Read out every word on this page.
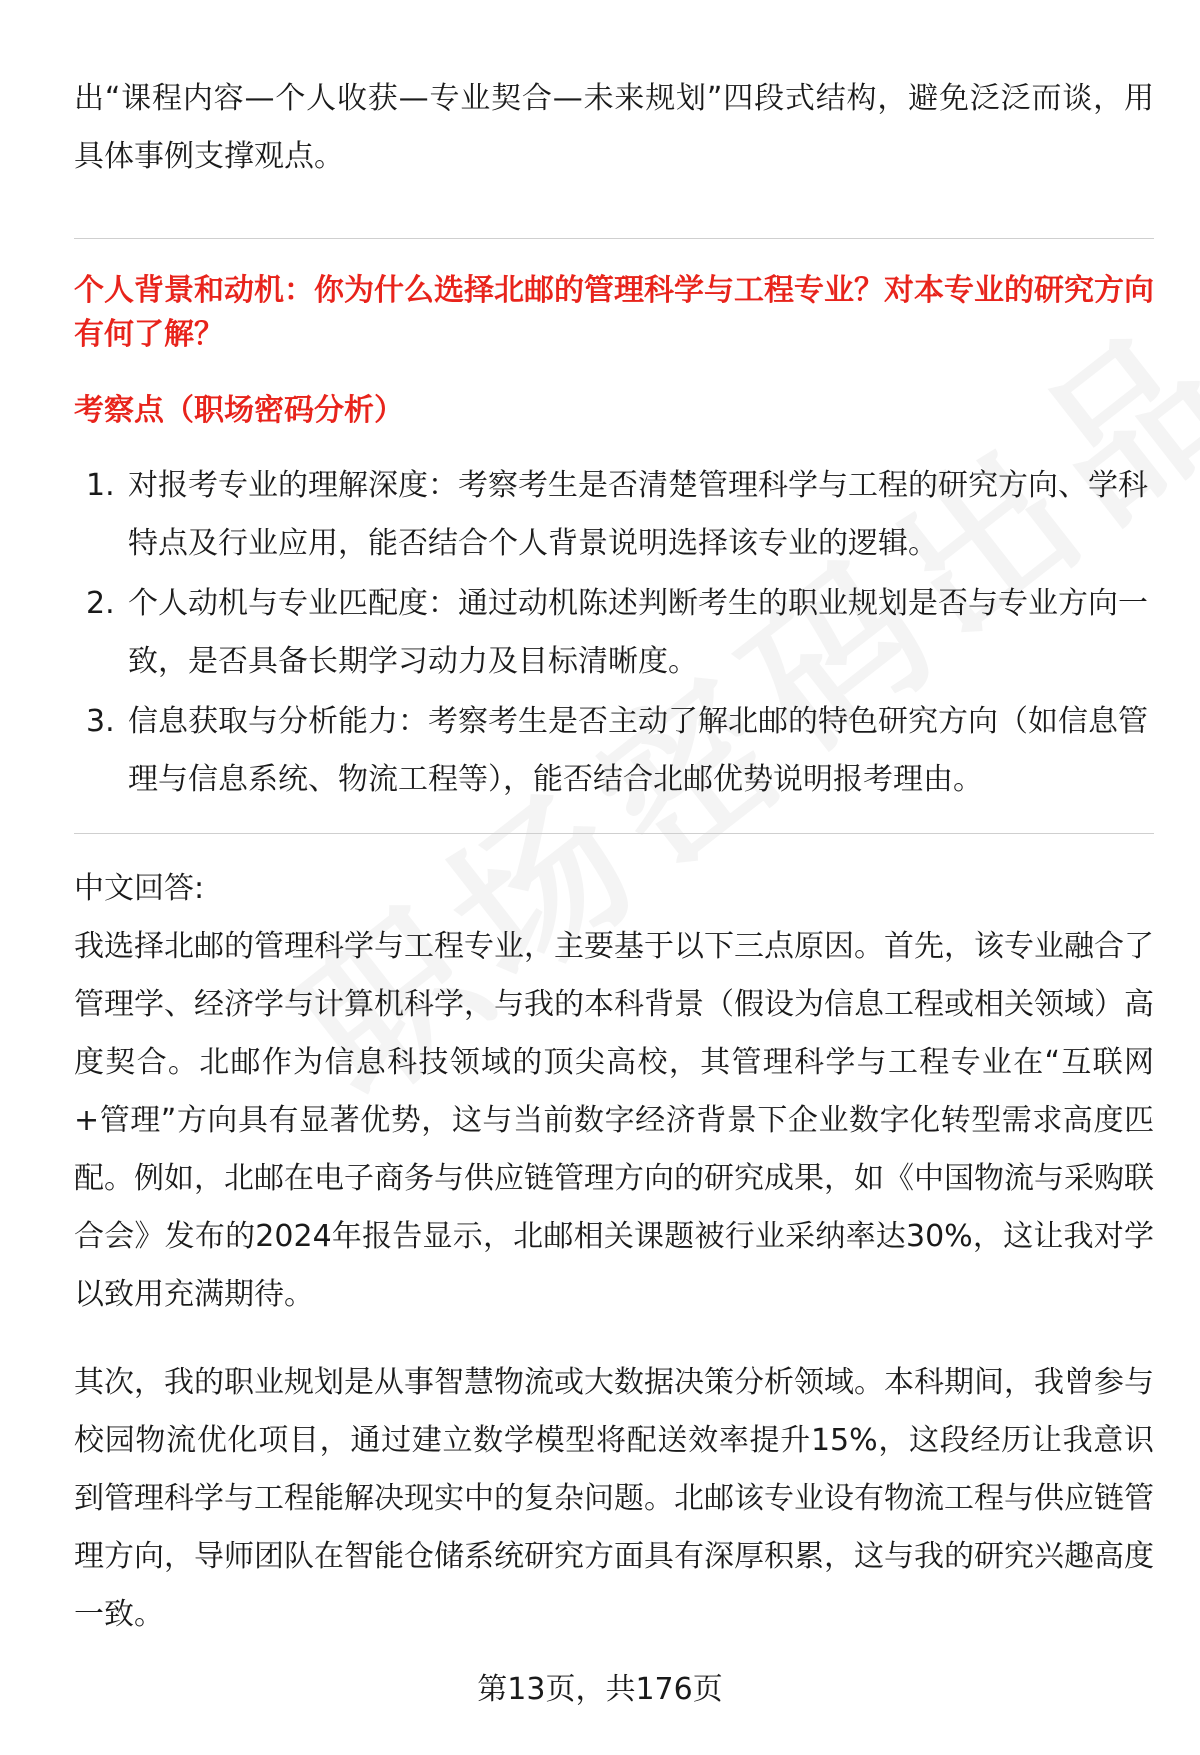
出“课程内容—个人收获—专业契合—未来规划”四段式结构，避免泛泛而谈，用具体事例支撑观点。

个人背景和动机：你为什么选择北邮的管理科学与工程专业？对本专业的研究方向有何了解？

考察点（职场密码分析）

1. 对报考专业的理解深度：考察考生是否清楚管理科学与工程的研究方向、学科特点及行业应用，能否结合个人背景说明选择该专业的逻辑。
2. 个人动机与专业匹配度：通过动机陈述判断考生的职业规划是否与专业方向一致，是否具备长期学习动力及目标清晰度。
3. 信息获取与分析能力：考察考生是否主动了解北邮的特色研究方向（如信息管理与信息系统、物流工程等），能否结合北邮优势说明报考理由。

中文回答:

我选择北邮的管理科学与工程专业，主要基于以下三点原因。首先，该专业融合了管理学、经济学与计算机科学，与我的本科背景（假设为信息工程或相关领域）高度契合。北邮作为信息科技领域的顶尖高校，其管理科学与工程专业在“互联网+管理”方向具有显著优势，这与当前数字经济背景下企业数字化转型需求高度匹配。例如，北邮在电子商务与供应链管理方向的研究成果，如《中国物流与采购联合会》发布的2024年报告显示，北邮相关课题被行业采纳率达30%，这让我对学以致用充满期待。

其次，我的职业规划是从事智慧物流或大数据决策分析领域。本科期间，我曾参与校园物流优化项目，通过建立数学模型将配送效率提升15%，这段经历让我意识到管理科学与工程能解决现实中的复杂问题。北邮该专业设有物流工程与供应链管理方向，导师团队在智能仓储系统研究方面具有深厚积累，这与我的研究兴趣高度一致。

第13页，共176页
